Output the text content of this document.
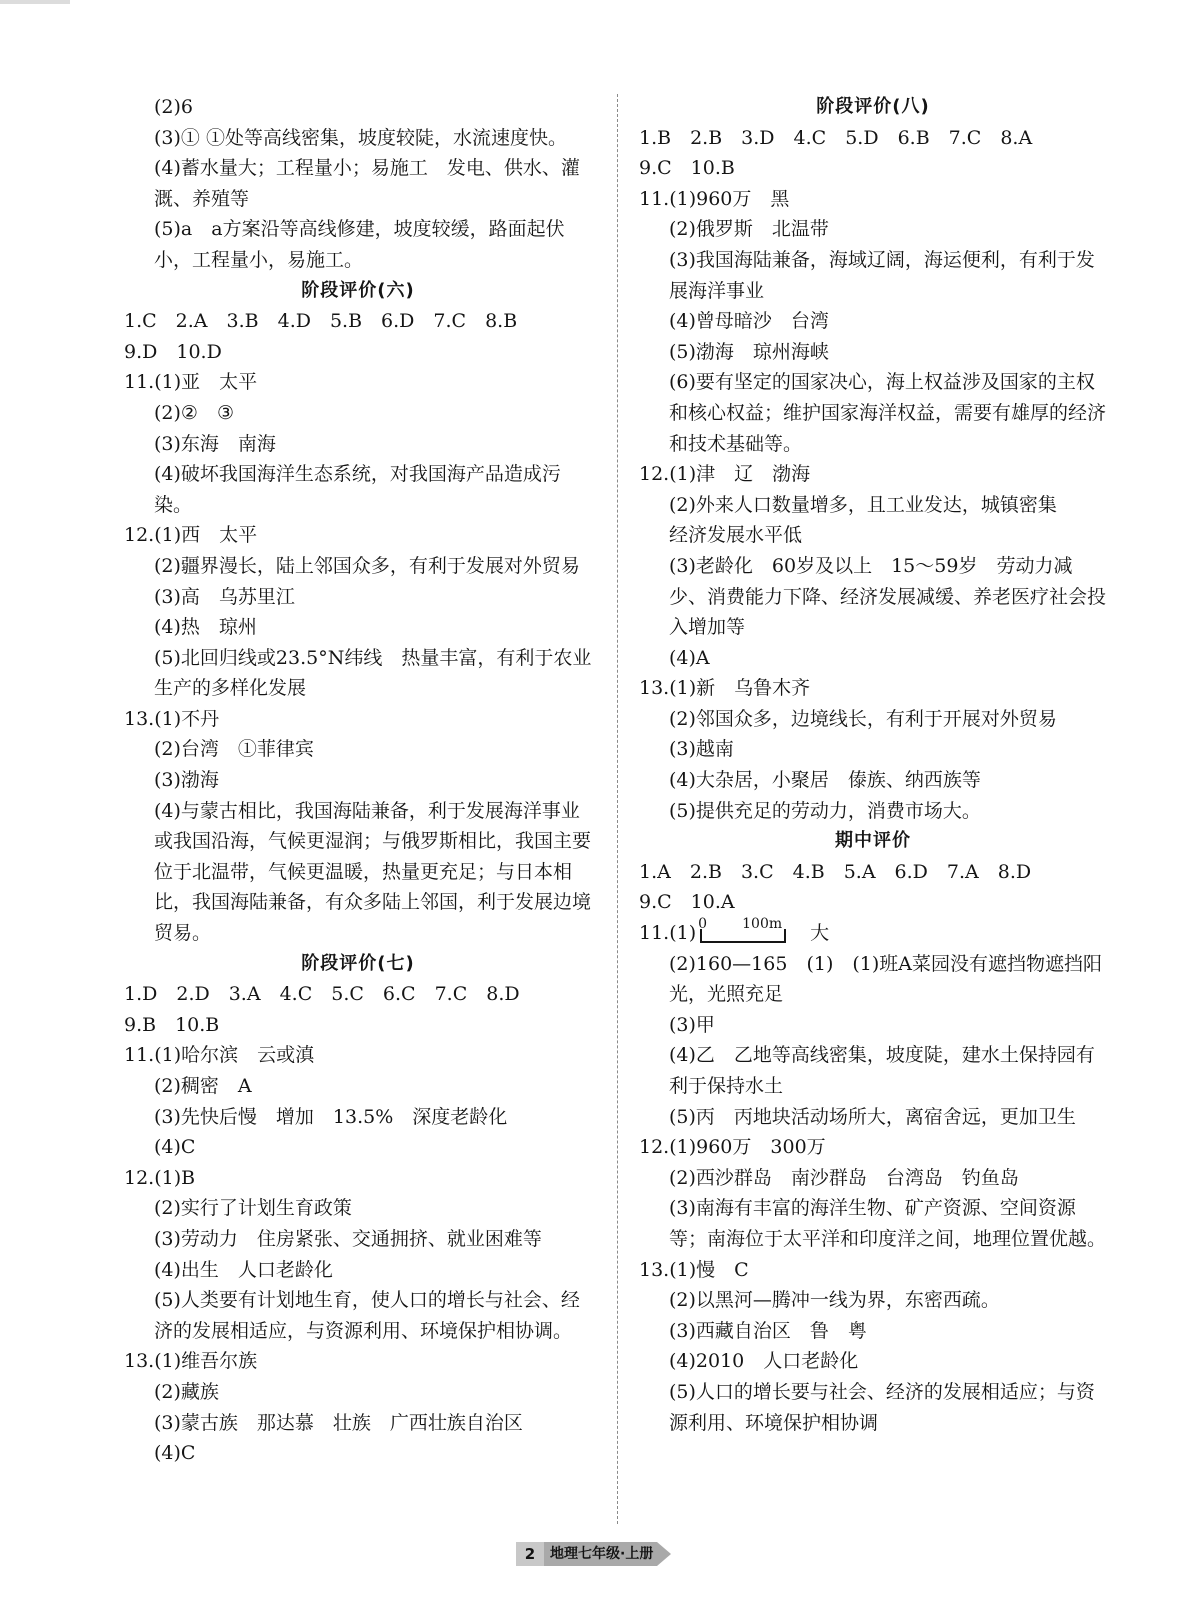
(2)6
(3)① ①处等高线密集，坡度较陡，水流速度快。
(4)蓄水量大；工程量小；易施工　发电、供水、灌溉、养殖等
(5)a　a方案沿等高线修建，坡度较缓，路面起伏小，工程量小，易施工。
阶段评价(六)
1.C　2.A　3.B　4.D　5.B　6.D　7.C　8.B
9.D　10.D
11.(1)亚　太平
(2)②　③
(3)东海　南海
(4)破坏我国海洋生态系统，对我国海产品造成污染。
12.(1)西　太平
(2)疆界漫长，陆上邻国众多，有利于发展对外贸易
(3)高　乌苏里江
(4)热　琼州
(5)北回归线或23.5°N纬线　热量丰富，有利于农业生产的多样化发展
13.(1)不丹
(2)台湾　①菲律宾
(3)渤海
(4)与蒙古相比，我国海陆兼备，利于发展海洋事业或我国沿海，气候更湿润；与俄罗斯相比，我国主要位于北温带，气候更温暖，热量更充足；与日本相比，我国海陆兼备，有众多陆上邻国，利于发展边境贸易。
阶段评价(七)
1.D　2.D　3.A　4.C　5.C　6.C　7.C　8.D
9.B　10.B
11.(1)哈尔滨　云或滇
(2)稠密　A
(3)先快后慢　增加　13.5%　深度老龄化
(4)C
12.(1)B
(2)实行了计划生育政策
(3)劳动力　住房紧张、交通拥挤、就业困难等
(4)出生　人口老龄化
(5)人类要有计划地生育，使人口的增长与社会、经济的发展相适应，与资源利用、环境保护相协调。
13.(1)维吾尔族
(2)藏族
(3)蒙古族　那达慕　壮族　广西壮族自治区
(4)C
阶段评价(八)
1.B　2.B　3.D　4.C　5.D　6.B　7.C　8.A
9.C　10.B
11.(1)960万　黑
(2)俄罗斯　北温带
(3)我国海陆兼备，海域辽阔，海运便利，有利于发展海洋事业
(4)曾母暗沙　台湾
(5)渤海　琼州海峡
(6)要有坚定的国家决心，海上权益涉及国家的主权和核心权益；维护国家海洋权益，需要有雄厚的经济和技术基础等。
12.(1)津　辽　渤海
(2)外来人口数量增多，且工业发达，城镇密集
经济发展水平低
(3)老龄化　60岁及以上　15～59岁　劳动力减少、消费能力下降、经济发展减缓、养老医疗社会投入增加等
(4)A
13.(1)新　乌鲁木齐
(2)邻国众多，边境线长，有利于开展对外贸易
(3)越南
(4)大杂居，小聚居　傣族、纳西族等
(5)提供充足的劳动力，消费市场大。
期中评价
1.A　2.B　3.C　4.B　5.A　6.D　7.A　8.D
9.C　10.A
11.(1) 0	100m 大
(2)160—165　(1)　(1)班A菜园没有遮挡物遮挡阳光，光照充足
(3)甲
(4)乙　乙地等高线密集，坡度陡，建水土保持园有利于保持水土
(5)丙　丙地块活动场所大，离宿舍远，更加卫生
12.(1)960万　300万
(2)西沙群岛　南沙群岛　台湾岛　钓鱼岛
(3)南海有丰富的海洋生物、矿产资源、空间资源等；南海位于太平洋和印度洋之间，地理位置优越。
13.(1)慢　C
(2)以黑河—腾冲一线为界，东密西疏。
(3)西藏自治区　鲁　粤
(4)2010　人口老龄化
(5)人口的增长要与社会、经济的发展相适应；与资源利用、环境保护相协调
2	地理七年级·上册
